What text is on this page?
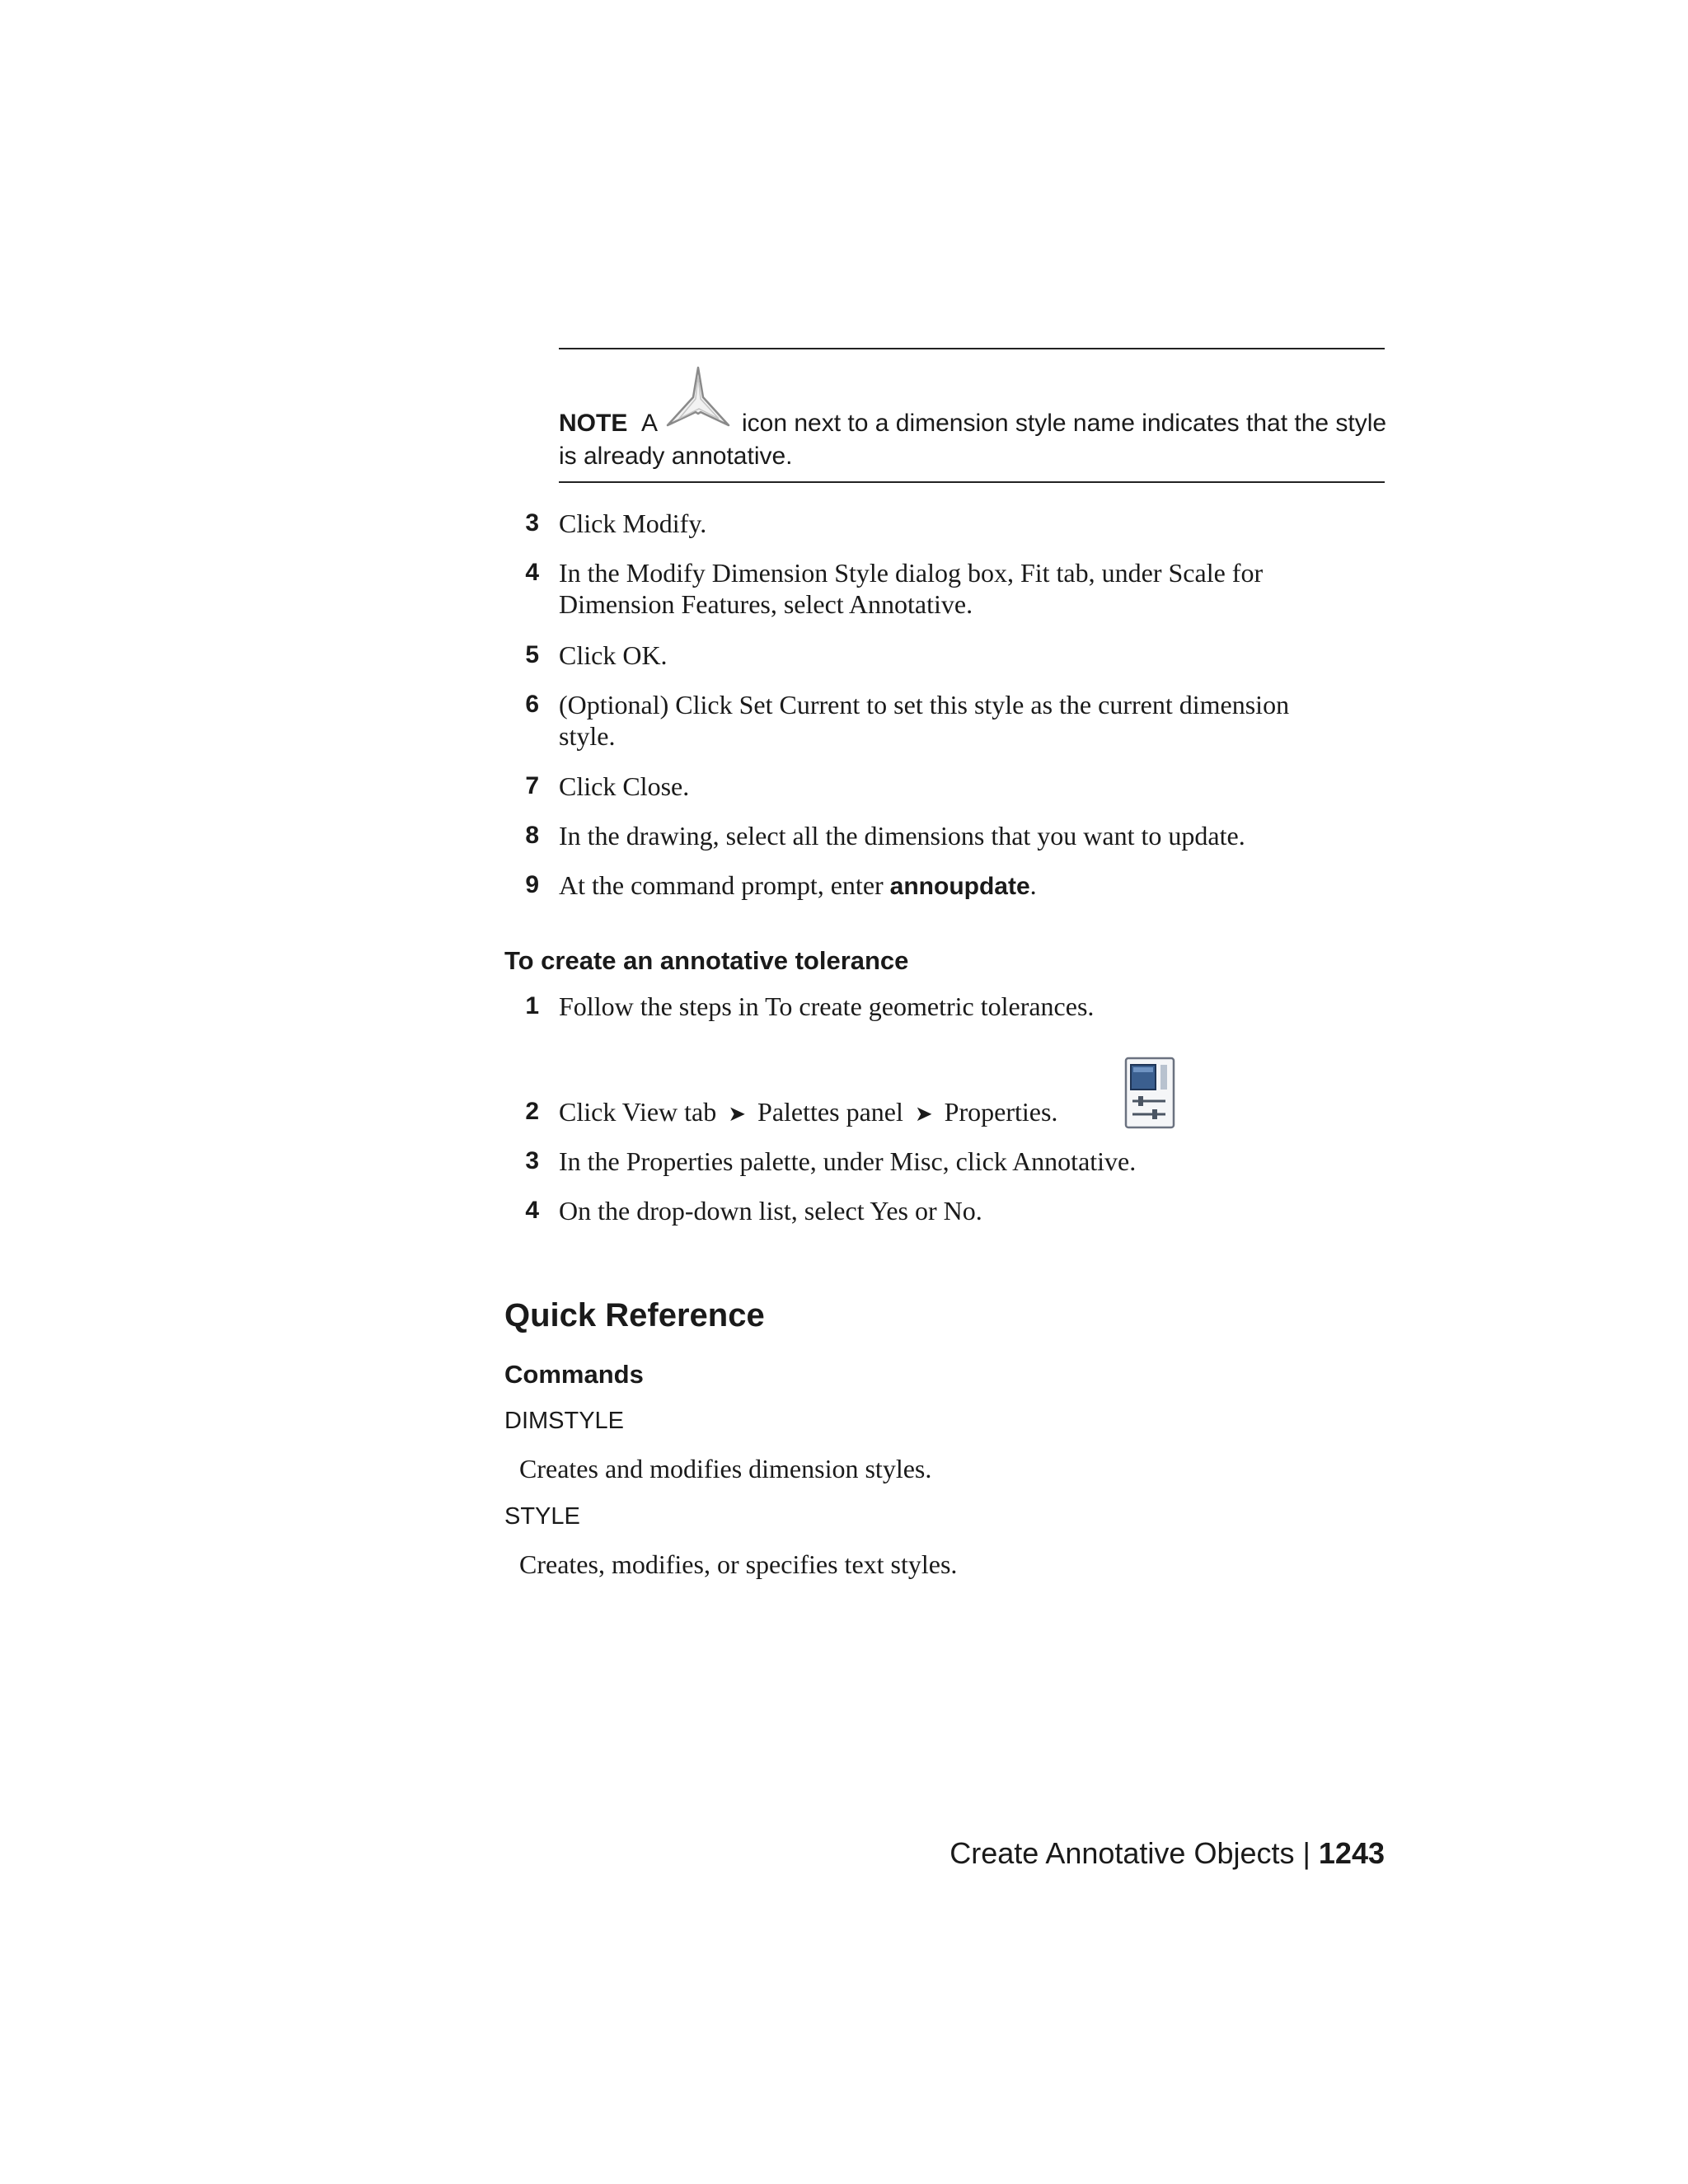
NOTE A	icon next to a dimension style name indicates that the style
is already annotative.
3 Click Modify.
4 In the Modify Dimension Style dialog box, Fit tab, under Scale for
Dimension Features, select Annotative.
5 Click OK.
6 (Optional) Click Set Current to set this style as the current dimension
style.
7 Click Close.
8 In the drawing, select all the dimensions that you want to update.
9 At the command prompt, enter annoupdate.
To create an annotative tolerance
1 Follow the steps in To create geometric tolerances.
2 Click View tab ➤ Palettes panel ➤ Properties.
3 In the Properties palette, under Misc, click Annotative.
4 On the drop-down list, select Yes or No.
Quick Reference
Commands
DIMSTYLE
Creates and modifies dimension styles.
STYLE
Creates, modifies, or specifies text styles.
Create Annotative Objects | 1243
